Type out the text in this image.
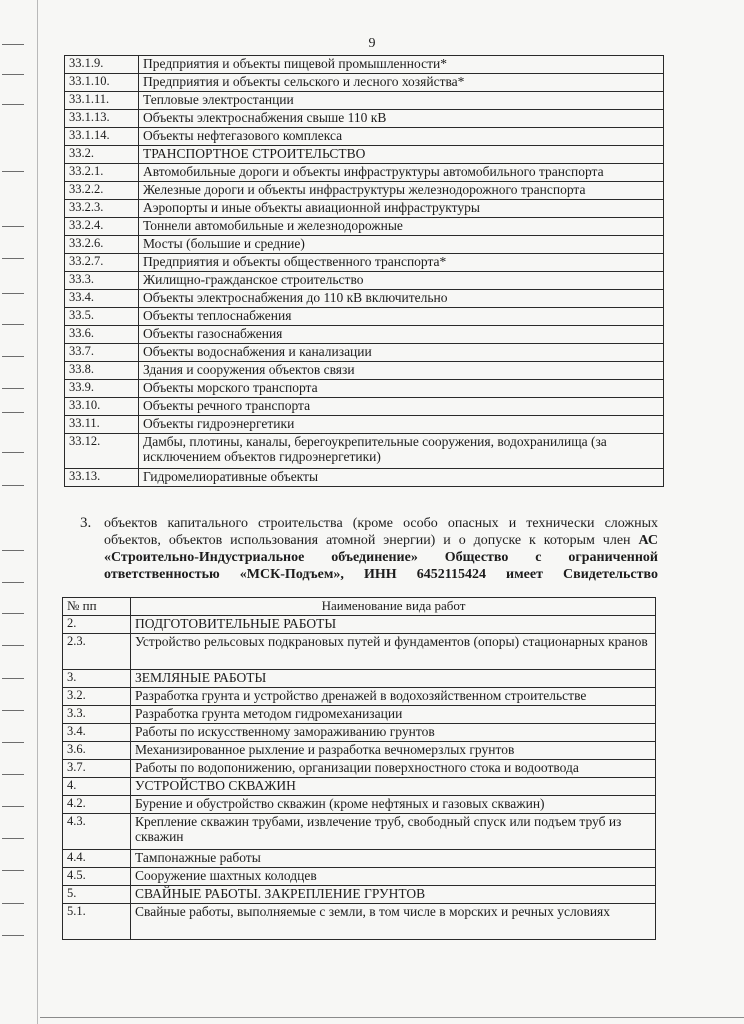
9
33.1.9.	Предприятия и объекты пищевой промышленности*
33.1.10.	Предприятия и объекты сельского и лесного хозяйства*
33.1.11.	Тепловые электростанции
33.1.13.	Объекты электроснабжения свыше 110 кВ
33.1.14.	Объекты нефтегазового комплекса
33.2.	ТРАНСПОРТНОЕ СТРОИТЕЛЬСТВО
33.2.1.	Автомобильные дороги и объекты инфраструктуры автомобильного транспорта
33.2.2.	Железные дороги и объекты инфраструктуры железнодорожного транспорта
33.2.3.	Аэропорты и иные объекты авиационной инфраструктуры
33.2.4.	Тоннели автомобильные и железнодорожные
33.2.6.	Мосты (большие и средние)
33.2.7.	Предприятия и объекты общественного транспорта*
33.3.	Жилищно-гражданское строительство
33.4.	Объекты электроснабжения до 110 кВ включительно
33.5.	Объекты теплоснабжения
33.6.	Объекты газоснабжения
33.7.	Объекты водоснабжения и канализации
33.8.	Здания и сооружения объектов связи
33.9.	Объекты морского транспорта
33.10.	Объекты речного транспорта
33.11.	Объекты гидроэнергетики
33.12.	Дамбы, плотины, каналы, берегоукрепительные сооружения, водохранилища (за исключением объектов гидроэнергетики)
33.13.	Гидромелиоративные объекты
3. объектов капитального строительства (кроме особо опасных и технически сложных объектов, объектов использования атомной энергии) и о допуске к которым член АС «Строительно-Индустриальное объединение» Общество с ограниченной
ответственностью «МСК-Подъем», ИНН 6452115424 имеет Свидетельство
№ пп	Наименование вида работ
2.	ПОДГОТОВИТЕЛЬНЫЕ РАБОТЫ
2.3.	Устройство рельсовых подкрановых путей и фундаментов (опоры) стационарных кранов
3.	ЗЕМЛЯНЫЕ РАБОТЫ
3.2.	Разработка грунта и устройство дренажей в водохозяйственном строительстве
3.3.	Разработка грунта методом гидромеханизации
3.4.	Работы по искусственному замораживанию грунтов
3.6.	Механизированное рыхление и разработка вечномерзлых грунтов
3.7.	Работы по водопонижению, организации поверхностного стока и водоотвода
4.	УСТРОЙСТВО СКВАЖИН
4.2.	Бурение и обустройство скважин (кроме нефтяных и газовых скважин)
4.3.	Крепление скважин трубами, извлечение труб, свободный спуск или подъем труб из скважин
4.4.	Тампонажные работы
4.5.	Сооружение шахтных колодцев
5.	СВАЙНЫЕ РАБОТЫ. ЗАКРЕПЛЕНИЕ ГРУНТОВ
5.1.	Свайные работы, выполняемые с земли, в том числе в морских и речных условиях
